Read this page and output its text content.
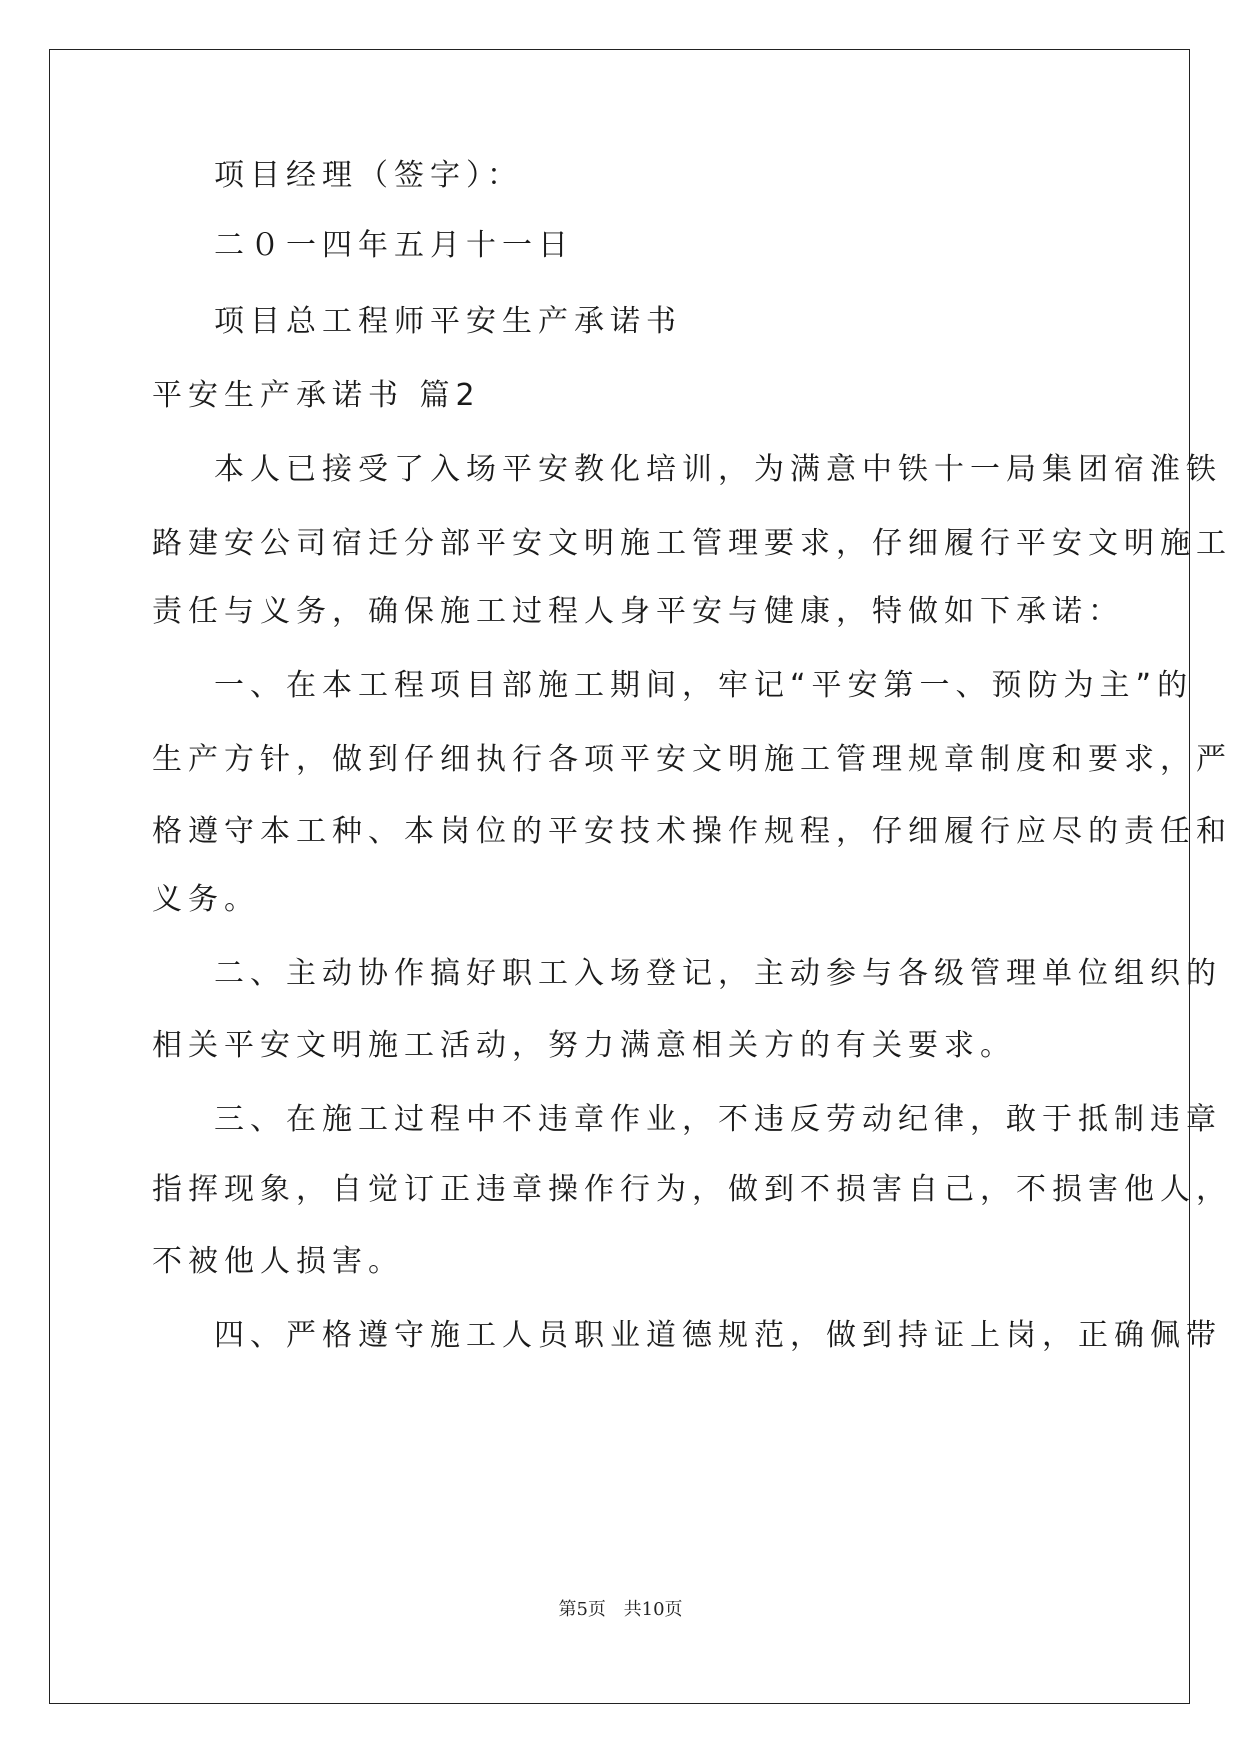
项目经理（签字）：
二０一四年五月十一日
项目总工程师平安生产承诺书
平安生产承诺书 篇2
本人已接受了入场平安教化培训，为满意中铁十一局集团宿淮铁
路建安公司宿迁分部平安文明施工管理要求，仔细履行平安文明施工
责任与义务，确保施工过程人身平安与健康，特做如下承诺：
一、在本工程项目部施工期间，牢记“平安第一、预防为主”的
生产方针，做到仔细执行各项平安文明施工管理规章制度和要求，严
格遵守本工种、本岗位的平安技术操作规程，仔细履行应尽的责任和
义务。
二、主动协作搞好职工入场登记，主动参与各级管理单位组织的
相关平安文明施工活动，努力满意相关方的有关要求。
三、在施工过程中不违章作业，不违反劳动纪律，敢于抵制违章
指挥现象，自觉订正违章操作行为，做到不损害自己，不损害他人，
不被他人损害。
四、严格遵守施工人员职业道德规范，做到持证上岗，正确佩带
第5页 共10页
